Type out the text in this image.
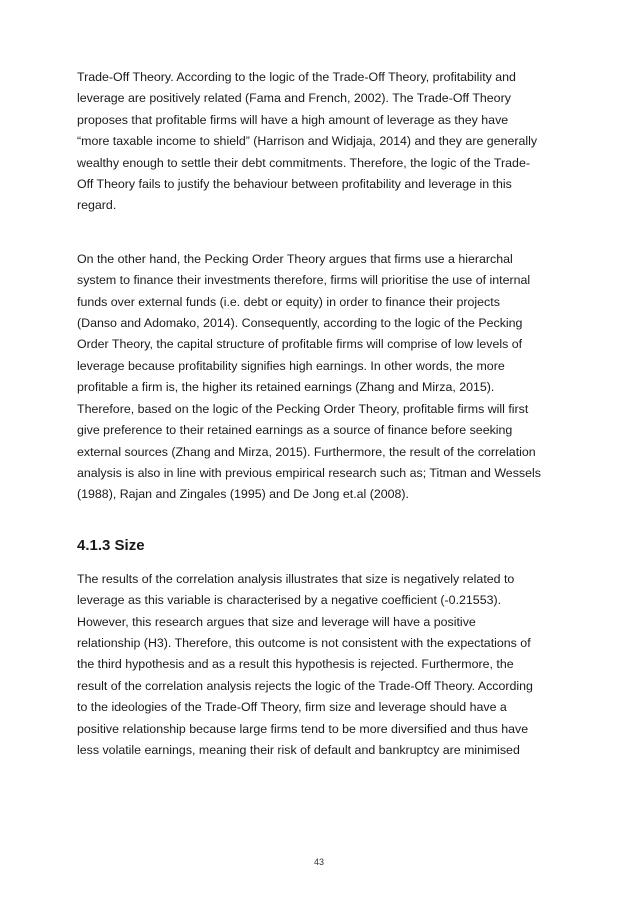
Trade-Off Theory. According to the logic of the Trade-Off Theory, profitability and
leverage are positively related (Fama and French, 2002). The Trade-Off Theory
proposes that profitable firms will have a high amount of leverage as they have
“more taxable income to shield” (Harrison and Widjaja, 2014) and they are generally
wealthy enough to settle their debt commitments. Therefore, the logic of the Trade-
Off Theory fails to justify the behaviour between profitability and leverage in this
regard.

On the other hand, the Pecking Order Theory argues that firms use a hierarchal
system to finance their investments therefore, firms will prioritise the use of internal
funds over external funds (i.e. debt or equity) in order to finance their projects
(Danso and Adomako, 2014). Consequently, according to the logic of the Pecking
Order Theory, the capital structure of profitable firms will comprise of low levels of
leverage because profitability signifies high earnings. In other words, the more
profitable a firm is, the higher its retained earnings (Zhang and Mirza, 2015).
Therefore, based on the logic of the Pecking Order Theory, profitable firms will first
give preference to their retained earnings as a source of finance before seeking
external sources (Zhang and Mirza, 2015). Furthermore, the result of the correlation
analysis is also in line with previous empirical research such as; Titman and Wessels
(1988), Rajan and Zingales (1995) and De Jong et.al (2008).

4.1.3 Size

The results of the correlation analysis illustrates that size is negatively related to
leverage as this variable is characterised by a negative coefficient (-0.21553).
However, this research argues that size and leverage will have a positive
relationship (H3). Therefore, this outcome is not consistent with the expectations of
the third hypothesis and as a result this hypothesis is rejected. Furthermore, the
result of the correlation analysis rejects the logic of the Trade-Off Theory. According
to the ideologies of the Trade-Off Theory, firm size and leverage should have a
positive relationship because large firms tend to be more diversified and thus have
less volatile earnings, meaning their risk of default and bankruptcy are minimised

43
